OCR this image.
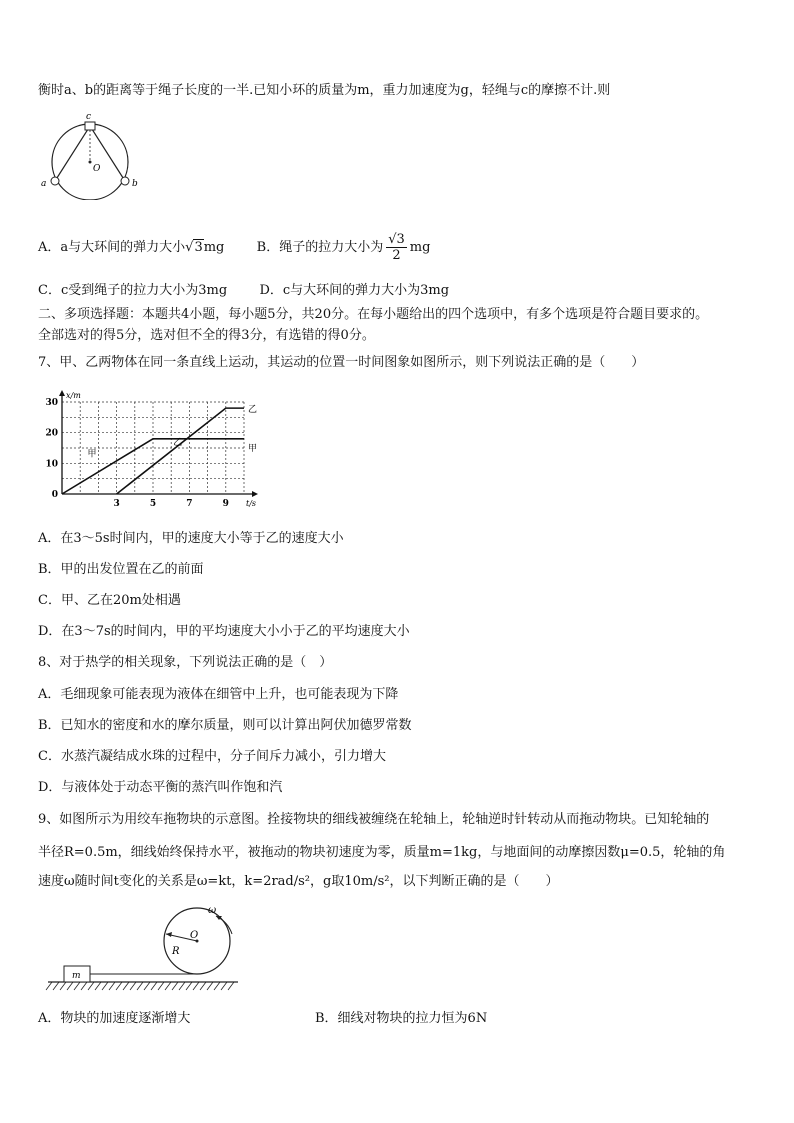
衡时a、b的距离等于绳子长度的一半.已知小环的质量为m，重力加速度为g，轻绳与c的摩擦不计.则
c
O
a	b
A．a与大环间的弹力大小√3mg B．绳子的拉力大小为 $\frac{√3}{2}$ mg
C．c受到绳子的拉力大小为3mg D．c与大环间的弹力大小为3mg
二、多项选择题：本题共4小题，每小题5分，共20分。在每小题给出的四个选项中，有多个选项是符合题目要求的。
全部选对的得5分，选对但不全的得3分，有选错的得0分。
7、甲、乙两物体在同一条直线上运动，其运动的位置一时间图象如图所示，则下列说法正确的是（　　）
x/m
t/s
0
10
20
30
3	5	7	9
甲
甲
乙
乙
A．在3～5s时间内，甲的速度大小等于乙的速度大小
B．甲的出发位置在乙的前面
C．甲、乙在20m处相遇
D．在3～7s的时间内，甲的平均速度大小小于乙的平均速度大小
8、对于热学的相关现象，下列说法正确的是（　）
A．毛细现象可能表现为液体在细管中上升，也可能表现为下降
B．已知水的密度和水的摩尔质量，则可以计算出阿伏加德罗常数
C．水蒸汽凝结成水珠的过程中，分子间斥力减小，引力增大
D．与液体处于动态平衡的蒸汽叫作饱和汽
9、如图所示为用绞车拖物块的示意图。拴接物块的细线被缠绕在轮轴上，轮轴逆时针转动从而拖动物块。已知轮轴的
半径R=0.5m，细线始终保持水平，被拖动的物块初速度为零，质量m=1kg，与地面间的动摩擦因数μ=0.5，轮轴的角
速度ω随时间t变化的关系是ω=kt，k=2rad/s²，g取10m/s²，以下判断正确的是（　　）
m
O
R
ω
A．物块的加速度逐渐增大	B．细线对物块的拉力恒为6N
